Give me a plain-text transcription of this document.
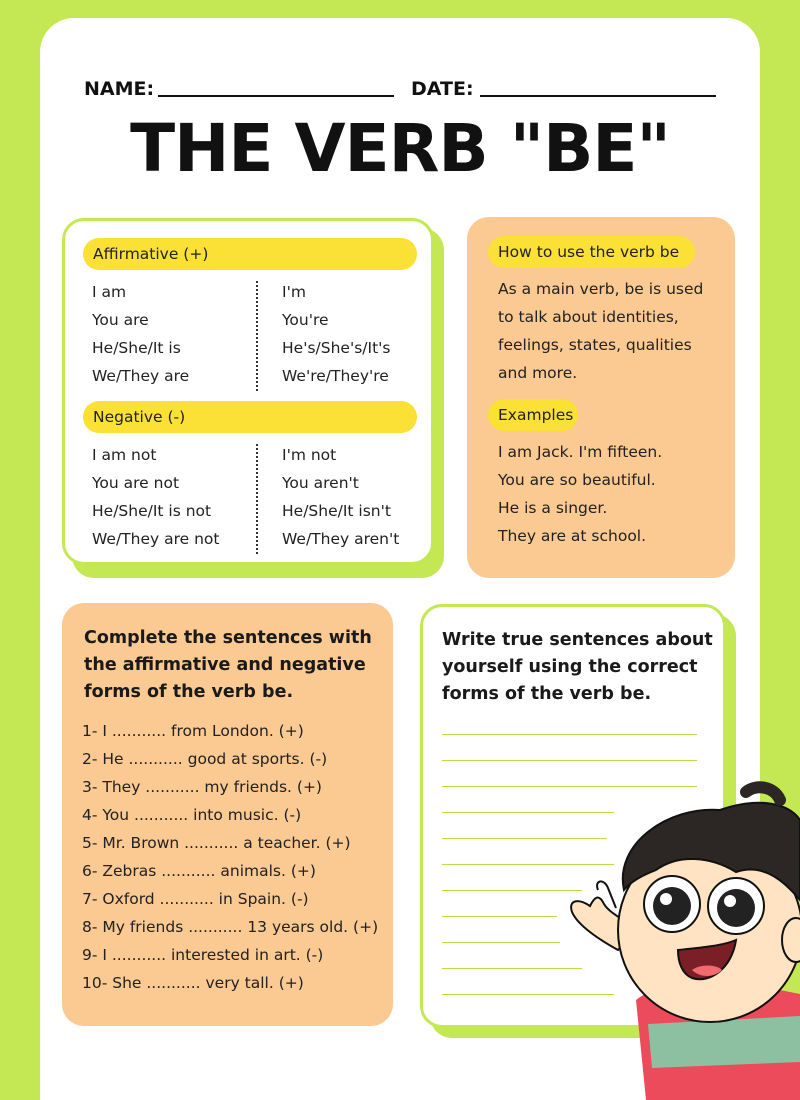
NAME:	DATE:
THE VERB "BE"
Affirmative (+)
I am
You are
He/She/It is
We/They are
I'm
You're
He's/She's/It's
We're/They're
Negative (-)
I am not
You are not
He/She/It is not
We/They are not
I'm not
You aren't
He/She/It isn't
We/They aren't
How to use the verb be
As a main verb, be is used
to talk about identities,
feelings, states, qualities
and more.
Examples
I am Jack. I'm fifteen.
You are so beautiful.
He is a singer.
They are at school.
Complete the sentences with
the affirmative and negative
forms of the verb be.
1- I ........... from London. (+)
2- He ........... good at sports. (-)
3- They ........... my friends. (+)
4- You ........... into music. (-)
5- Mr. Brown ........... a teacher. (+)
6- Zebras ........... animals. (+)
7- Oxford ........... in Spain. (-)
8- My friends ........... 13 years old. (+)
9- I ........... interested in art. (-)
10- She ........... very tall. (+)
Write true sentences about
yourself using the correct
forms of the verb be.
